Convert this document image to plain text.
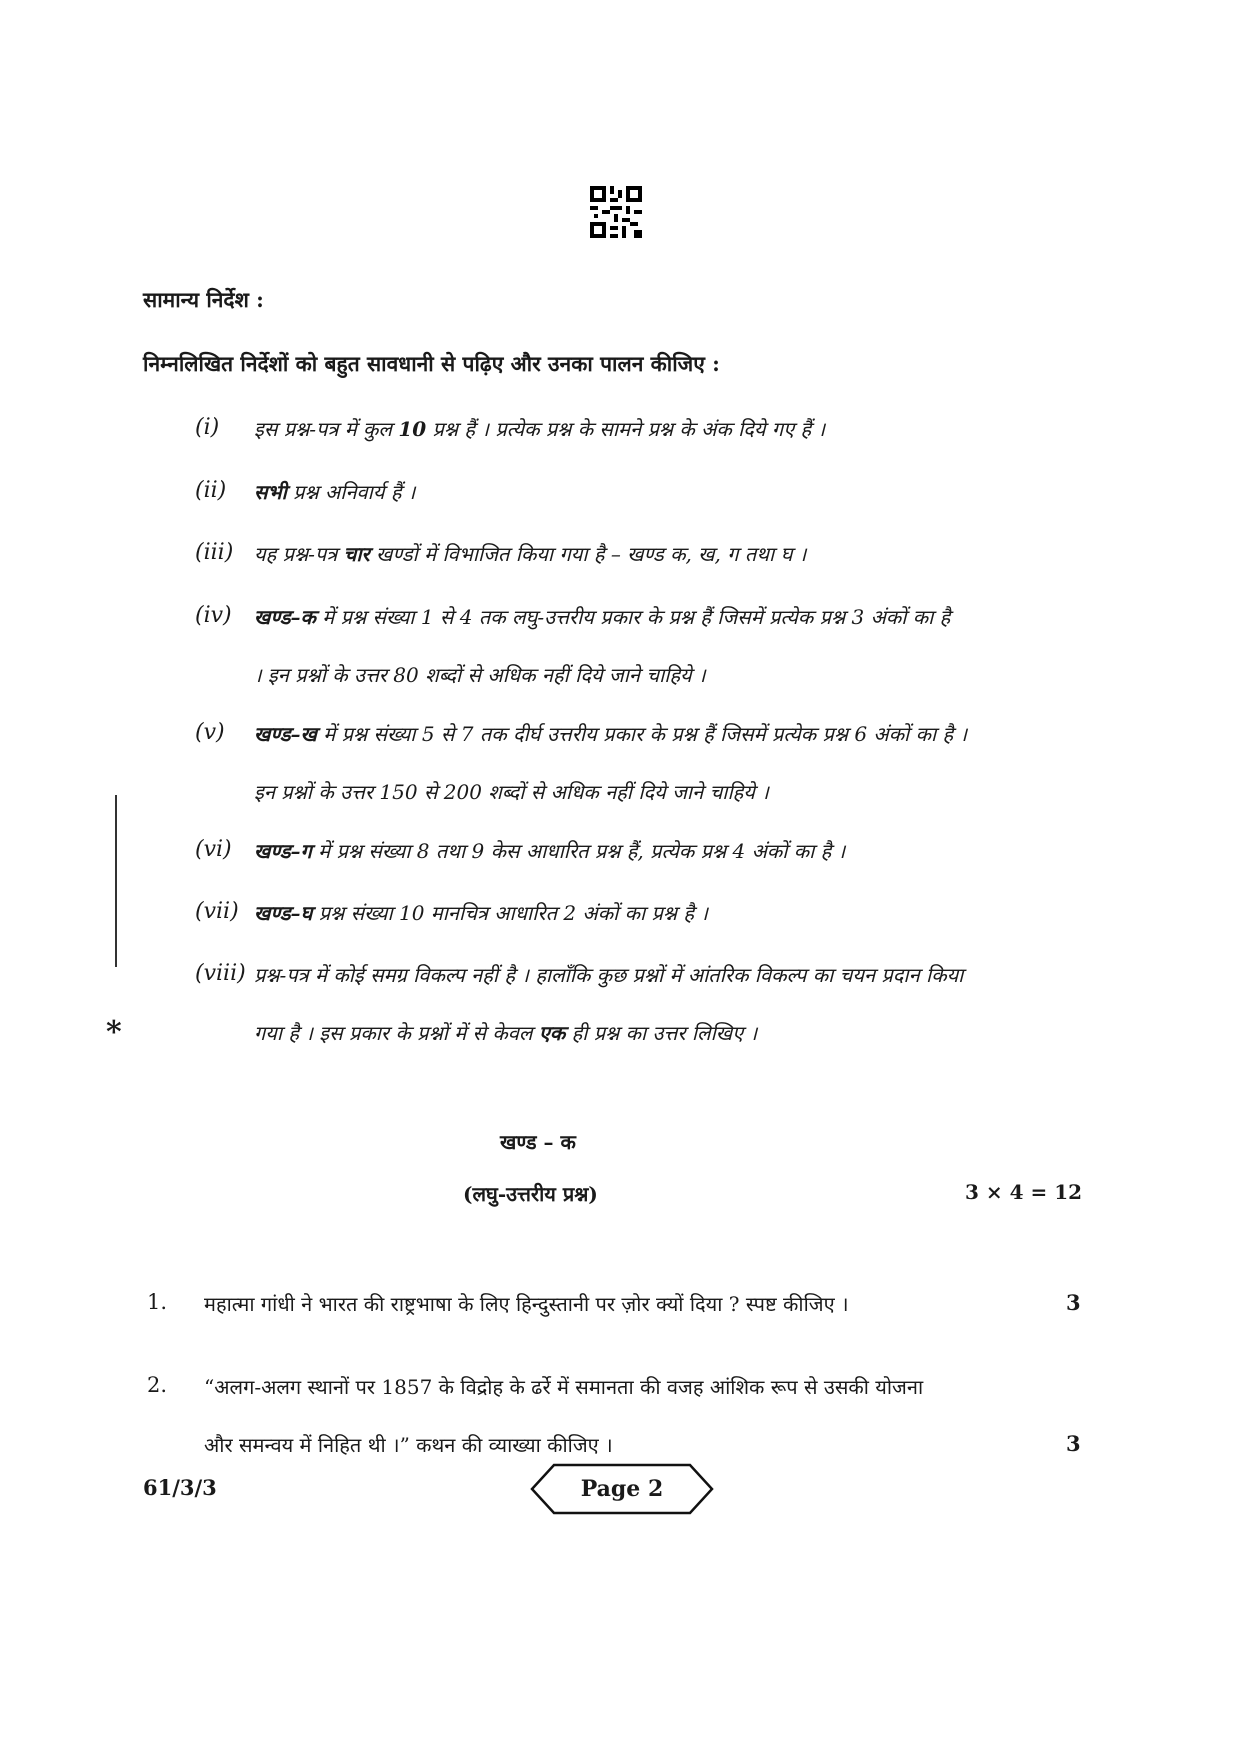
सामान्य निर्देश :
निम्नलिखित निर्देशों को बहुत सावधानी से पढ़िए और उनका पालन कीजिए :
(i)	इस प्रश्न-पत्र में कुल 10 प्रश्न हैं । प्रत्येक प्रश्न के सामने प्रश्न के अंक दिये गए हैं ।
(ii)	सभी प्रश्न अनिवार्य हैं ।
(iii)	यह प्रश्न-पत्र चार खण्डों में विभाजित किया गया है – खण्ड क, ख, ग तथा घ ।
(iv)	खण्ड–क में प्रश्न संख्या 1 से 4 तक लघु-उत्तरीय प्रकार के प्रश्न हैं जिसमें प्रत्येक प्रश्न 3 अंकों का है
। इन प्रश्नों के उत्तर 80 शब्दों से अधिक नहीं दिये जाने चाहिये ।
(v)	खण्ड–ख में प्रश्न संख्या 5 से 7 तक दीर्घ उत्तरीय प्रकार के प्रश्न हैं जिसमें प्रत्येक प्रश्न 6 अंकों का है ।
इन प्रश्नों के उत्तर 150 से 200 शब्दों से अधिक नहीं दिये जाने चाहिये ।
(vi)	खण्ड–ग में प्रश्न संख्या 8 तथा 9 केस आधारित प्रश्न हैं, प्रत्येक प्रश्न 4 अंकों का है ।
(vii) खण्ड–घ प्रश्न संख्या 10 मानचित्र आधारित 2 अंकों का प्रश्न है ।
(viii) प्रश्न-पत्र में कोई समग्र विकल्प नहीं है । हालाँकि कुछ प्रश्नों में आंतरिक विकल्प का चयन प्रदान किया
गया है । इस प्रकार के प्रश्नों में से केवल एक ही प्रश्न का उत्तर लिखिए ।
*
खण्ड – क
(लघु-उत्तरीय प्रश्न)	3 × 4 = 12
1. महात्मा गांधी ने भारत की राष्ट्रभाषा के लिए हिन्दुस्तानी पर ज़ोर क्यों दिया ? स्पष्ट कीजिए ।	3
2. “अलग-अलग स्थानों पर 1857 के विद्रोह के ढर्रे में समानता की वजह आंशिक रूप से उसकी योजना
और समन्वय में निहित थी ।” कथन की व्याख्या कीजिए ।	3
61/3/3	Page 2
